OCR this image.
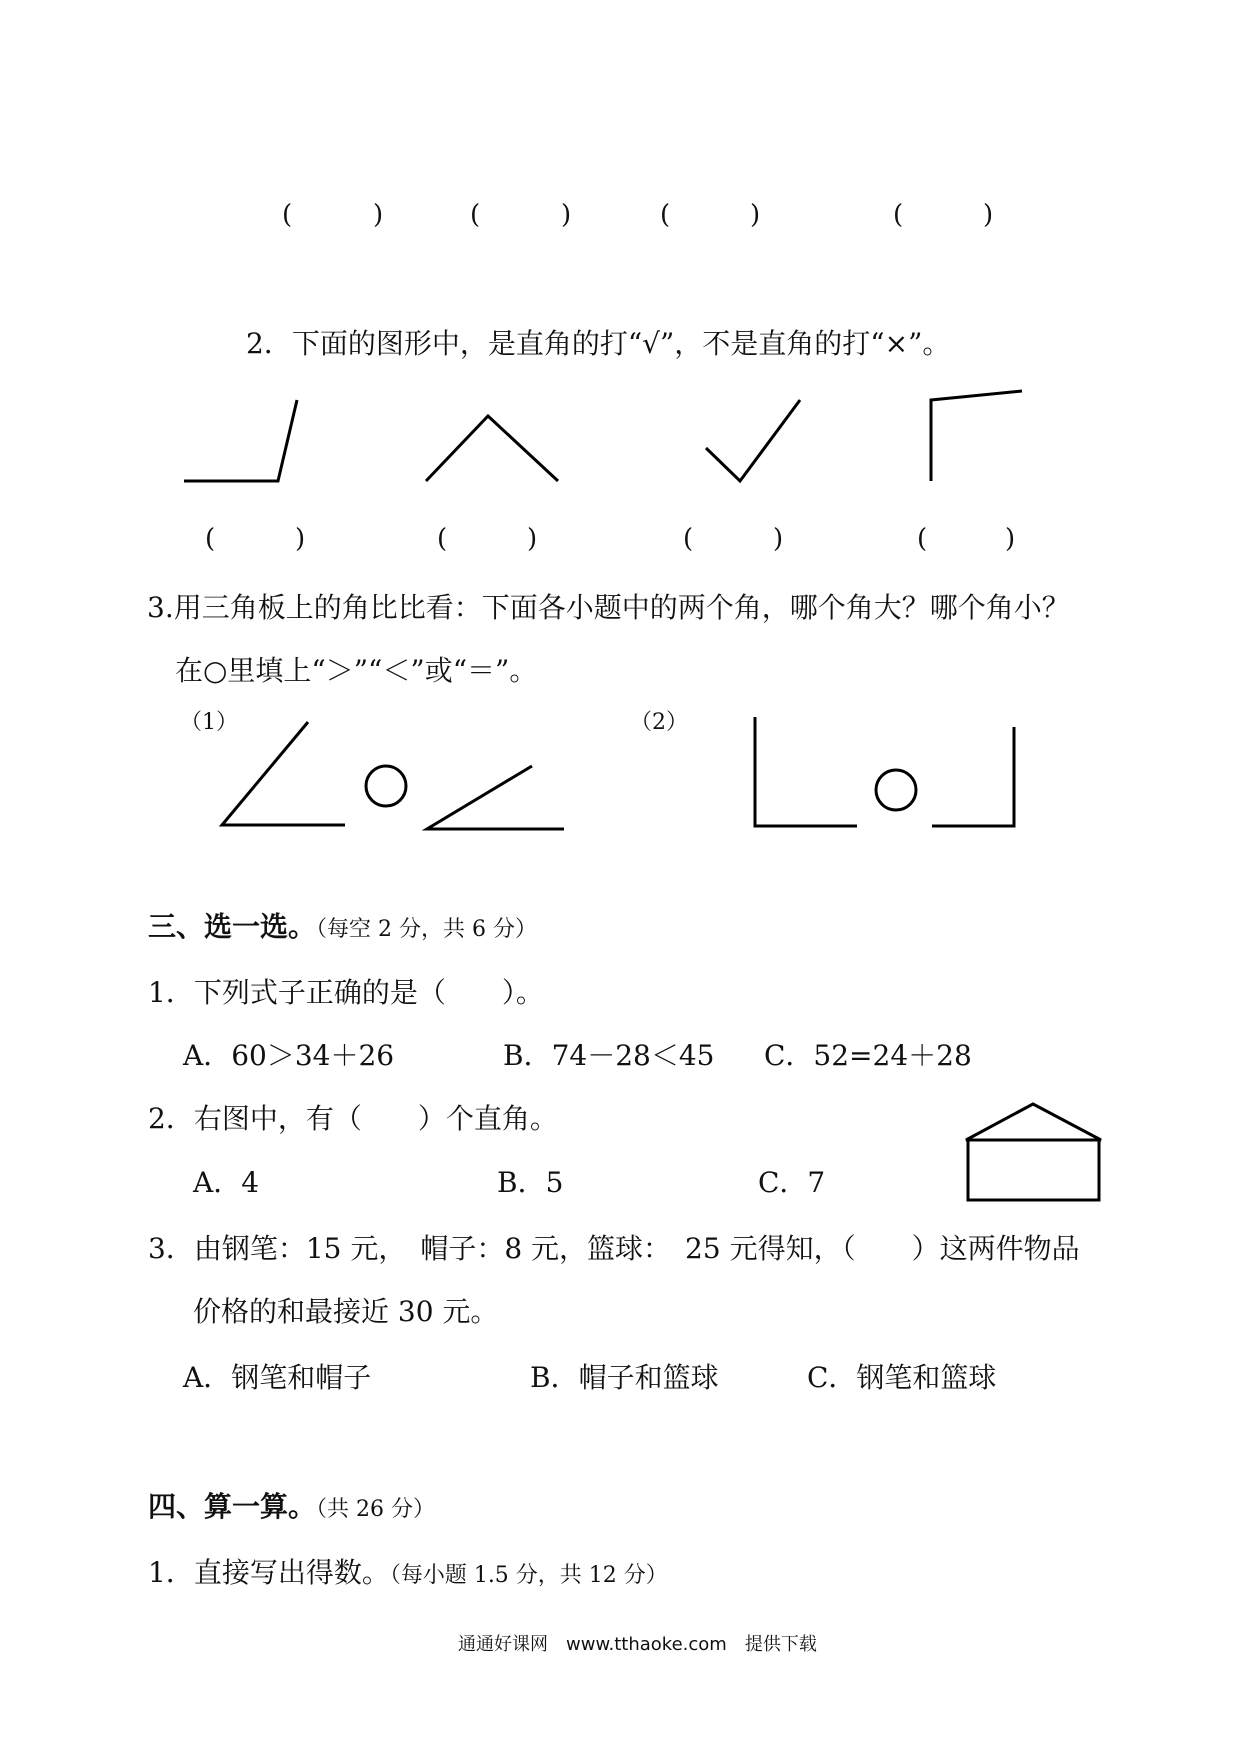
(	)	(	)	(	)	(	)
2．下面的图形中，是直角的打“√”，不是直角的打“×”。
(	)	(	)	(	)	(	)
3.用三角板上的角比比看：下面各小题中的两个角，哪个角大？哪个角小？
在○里填上“＞”“＜”或“＝”。
（1）	（2）
三、选一选。（每空 2 分，共 6 分）
1．下列式子正确的是（　　）。
A．60＞34＋26	B．74－28＜45 C．52=24＋28
2．右图中，有（　　）个直角。
A．4	B．5	C．7
3．由钢笔：15 元，　帽子：8 元，篮球：　25 元得知，（　　）这两件物品
价格的和最接近 30 元。
A．钢笔和帽子	B．帽子和篮球	C．钢笔和篮球
四、算一算。（共 26 分）
1．直接写出得数。（每小题 1.5 分，共 12 分）
通通好课网　www.tthaoke.com　提供下载
